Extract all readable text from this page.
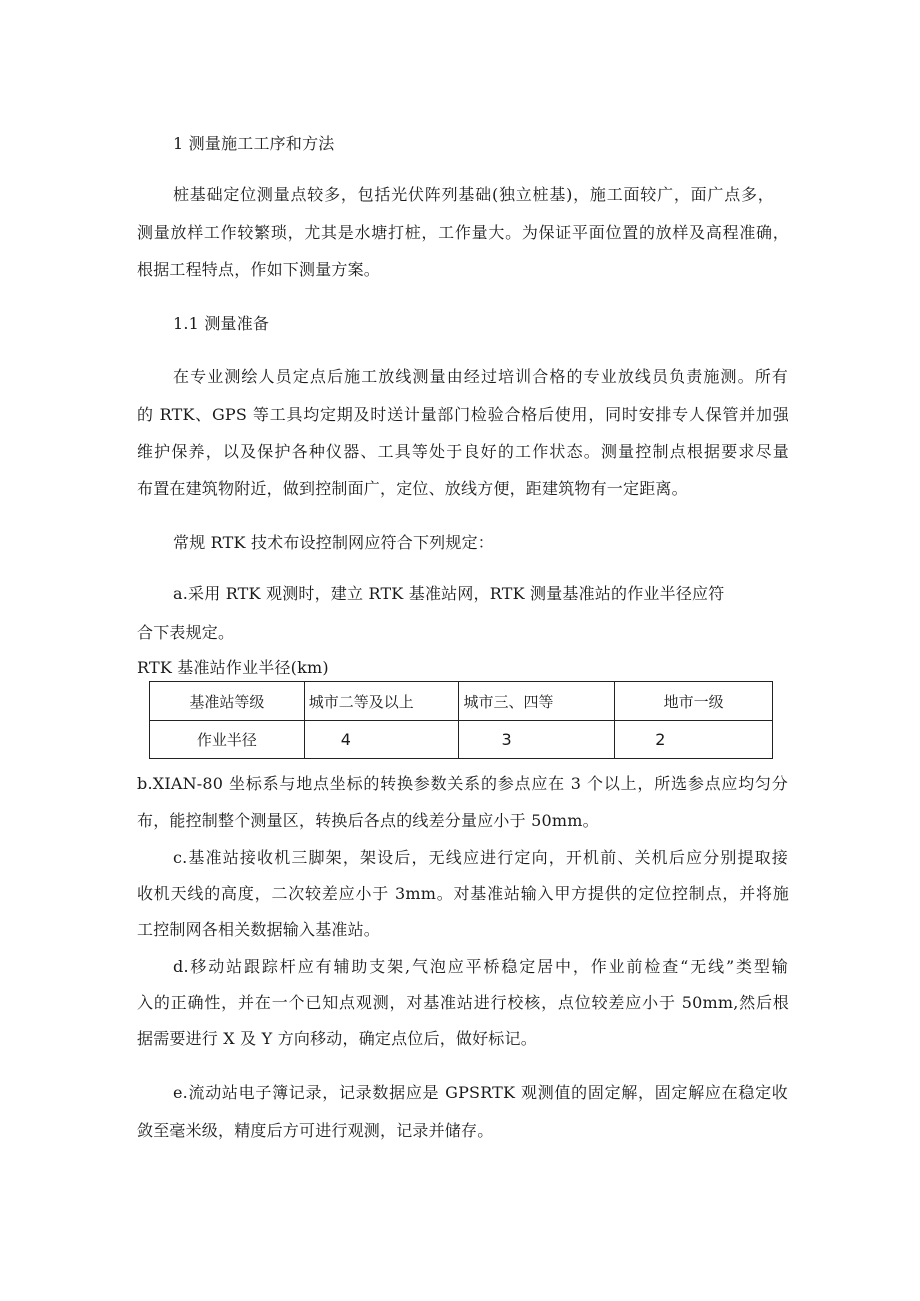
1 测量施工工序和方法
桩基础定位测量点较多，包括光伏阵列基础(独立桩基)，施工面较广，面广点多，
测量放样工作较繁琐，尤其是水塘打桩，工作量大。为保证平面位置的放样及高程准确，
根据工程特点，作如下测量方案。
1.1 测量准备
在专业测绘人员定点后施工放线测量由经过培训合格的专业放线员负责施测。所有
的 RTK、GPS 等工具均定期及时送计量部门检验合格后使用，同时安排专人保管并加强
维护保养，以及保护各种仪器、工具等处于良好的工作状态。测量控制点根据要求尽量
布置在建筑物附近，做到控制面广，定位、放线方便，距建筑物有一定距离。
常规 RTK 技术布设控制网应符合下列规定：
a.采用 RTK 观测时，建立 RTK 基准站网，RTK 测量基准站的作业半径应符
合下表规定。
RTK 基准站作业半径(km)
基准站等级	城市二等及以上	城市三、四等	地市一级
作业半径	4	3	2
b.XIAN-80 坐标系与地点坐标的转换参数关系的参点应在 3 个以上，所选参点应均匀分
布，能控制整个测量区，转换后各点的线差分量应小于 50mm。
c.基准站接收机三脚架，架设后，无线应进行定向，开机前、关机后应分别提取接
收机天线的高度，二次较差应小于 3mm。对基准站输入甲方提供的定位控制点，并将施
工控制网各相关数据输入基准站。
d.移动站跟踪杆应有辅助支架,气泡应平桥稳定居中，作业前检查“无线”类型输
入的正确性，并在一个已知点观测，对基准站进行校核，点位较差应小于 50mm,然后根
据需要进行 X 及 Y 方向移动，确定点位后，做好标记。
e.流动站电子簿记录，记录数据应是 GPSRTK 观测值的固定解，固定解应在稳定收
敛至毫米级，精度后方可进行观测，记录并储存。
